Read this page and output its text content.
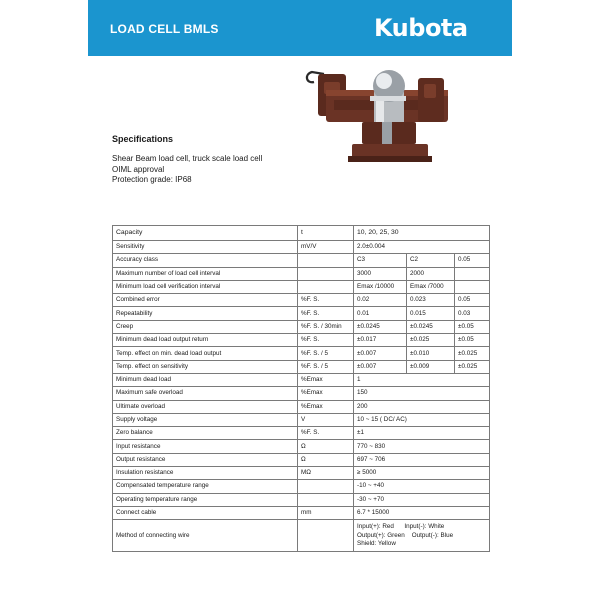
LOAD CELL BMLS	Kubota
Specifications
Shear Beam load cell, truck scale load cell
OIML approval
Protection grade: IP68
Capacity	t	10, 20, 25, 30		
Sensitivity	mV/V	2.0±0.004		
Accuracy class		C3	C2	0.05
Maximum number of load cell interval		3000	2000	
Minimum load cell verification interval		Emax /10000	Emax /7000	
Combined error	%F. S.	0.02	0.023	0.05
Repeatability	%F. S.	0.01	0.015	0.03
Creep	%F. S. / 30min	±0.0245	±0.0245	±0.05
Minimum dead load output return	%F. S.	±0.017	±0.025	±0.05
Temp. effect on min. dead load output	%F. S. / 5	±0.007	±0.010	±0.025
Temp. effect on sensitivity	%F. S. / 5	±0.007	±0.009	±0.025
Minimum dead load	%Emax	1		
Maximum safe overload	%Emax	150		
Ultimate overload	%Emax	200		
Supply voltage	V	10 ~ 15 ( DC/ AC)		
Zero balance	%F. S.	±1		
Input resistance	Ω	770 ~ 830		
Output resistance	Ω	697 ~ 706		
Insulation resistance	MΩ	≥ 5000		
Compensated temperature range		-10 ~ +40		
Operating temperature range		-30 ~ +70		
Connect cable	mm	6.7 * 15000		
Method of connecting wire		Input(+): Red      Input(-): White
Output(+): Green    Output(-): Blue
Shield: Yellow		
